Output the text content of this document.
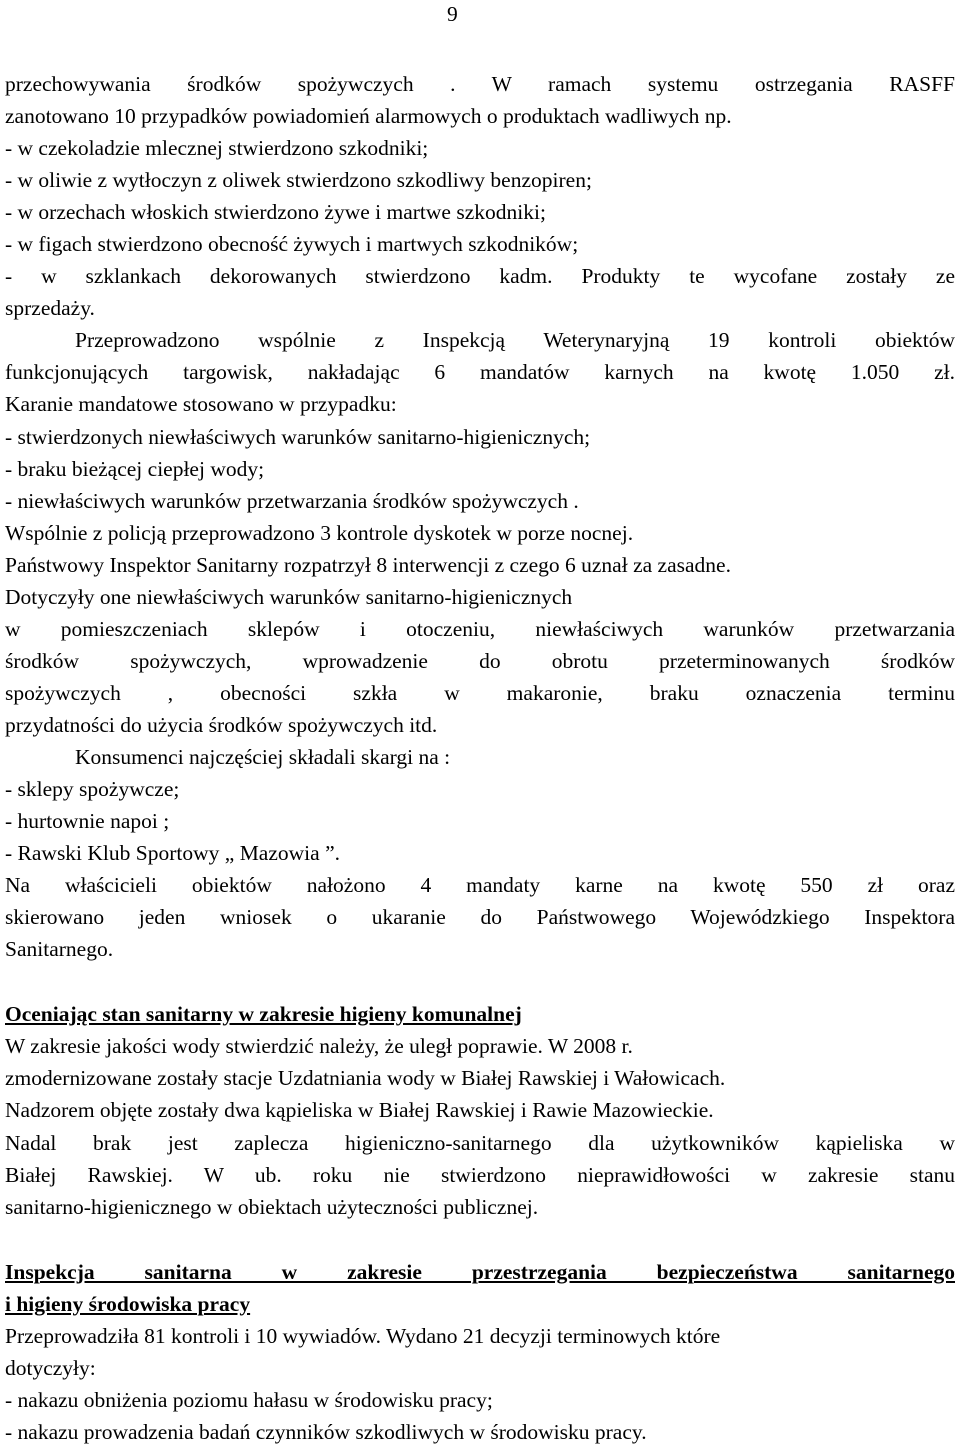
9
przechowywania środków spożywczych . W ramach systemu ostrzegania RASFF
zanotowano 10 przypadków powiadomień alarmowych o produktach wadliwych np.
- w czekoladzie mlecznej stwierdzono szkodniki;
- w oliwie z wytłoczyn z oliwek stwierdzono szkodliwy benzopiren;
- w orzechach włoskich stwierdzono żywe i martwe szkodniki;
- w figach stwierdzono obecność żywych i martwych szkodników;
- w szklankach dekorowanych stwierdzono kadm. Produkty te wycofane zostały ze
sprzedaży.
Przeprowadzono wspólnie z Inspekcją Weterynaryjną 19 kontroli obiektów
funkcjonujących targowisk, nakładając 6 mandatów karnych na kwotę 1.050 zł.
Karanie mandatowe stosowano w przypadku:
- stwierdzonych niewłaściwych warunków sanitarno-higienicznych;
- braku bieżącej ciepłej wody;
- niewłaściwych warunków przetwarzania środków spożywczych .
Wspólnie z policją przeprowadzono 3 kontrole dyskotek w porze nocnej.
Państwowy Inspektor Sanitarny rozpatrzył 8 interwencji z czego 6 uznał za zasadne.
Dotyczyły one niewłaściwych warunków sanitarno-higienicznych
w pomieszczeniach sklepów i otoczeniu, niewłaściwych warunków przetwarzania
środków spożywczych, wprowadzenie do obrotu przeterminowanych środków
spożywczych , obecności szkła w makaronie, braku oznaczenia terminu
przydatności do użycia środków spożywczych itd.
Konsumenci najczęściej składali skargi na :
- sklepy spożywcze;
- hurtownie napoi ;
- Rawski Klub Sportowy „ Mazowia ”.
Na właścicieli obiektów nałożono 4 mandaty karne na kwotę 550 zł oraz
skierowano jeden wniosek o ukaranie do Państwowego Wojewódzkiego Inspektora
Sanitarnego.
Oceniając stan sanitarny w zakresie higieny komunalnej
W zakresie jakości wody stwierdzić należy, że uległ poprawie. W 2008 r.
zmodernizowane zostały stacje Uzdatniania wody w Białej Rawskiej i Wałowicach.
Nadzorem objęte zostały dwa kąpieliska w Białej Rawskiej i Rawie Mazowieckie.
Nadal brak jest zaplecza higieniczno-sanitarnego dla użytkowników kąpieliska w
Białej Rawskiej. W ub. roku nie stwierdzono nieprawidłowości w zakresie stanu
sanitarno-higienicznego w obiektach użyteczności publicznej.
Inspekcja sanitarna w zakresie przestrzegania bezpieczeństwa sanitarnego
i higieny środowiska pracy
Przeprowadziła 81 kontroli i 10 wywiadów. Wydano 21 decyzji terminowych które
dotyczyły:
- nakazu obniżenia poziomu hałasu w środowisku pracy;
- nakazu prowadzenia badań czynników szkodliwych w środowisku pracy.
